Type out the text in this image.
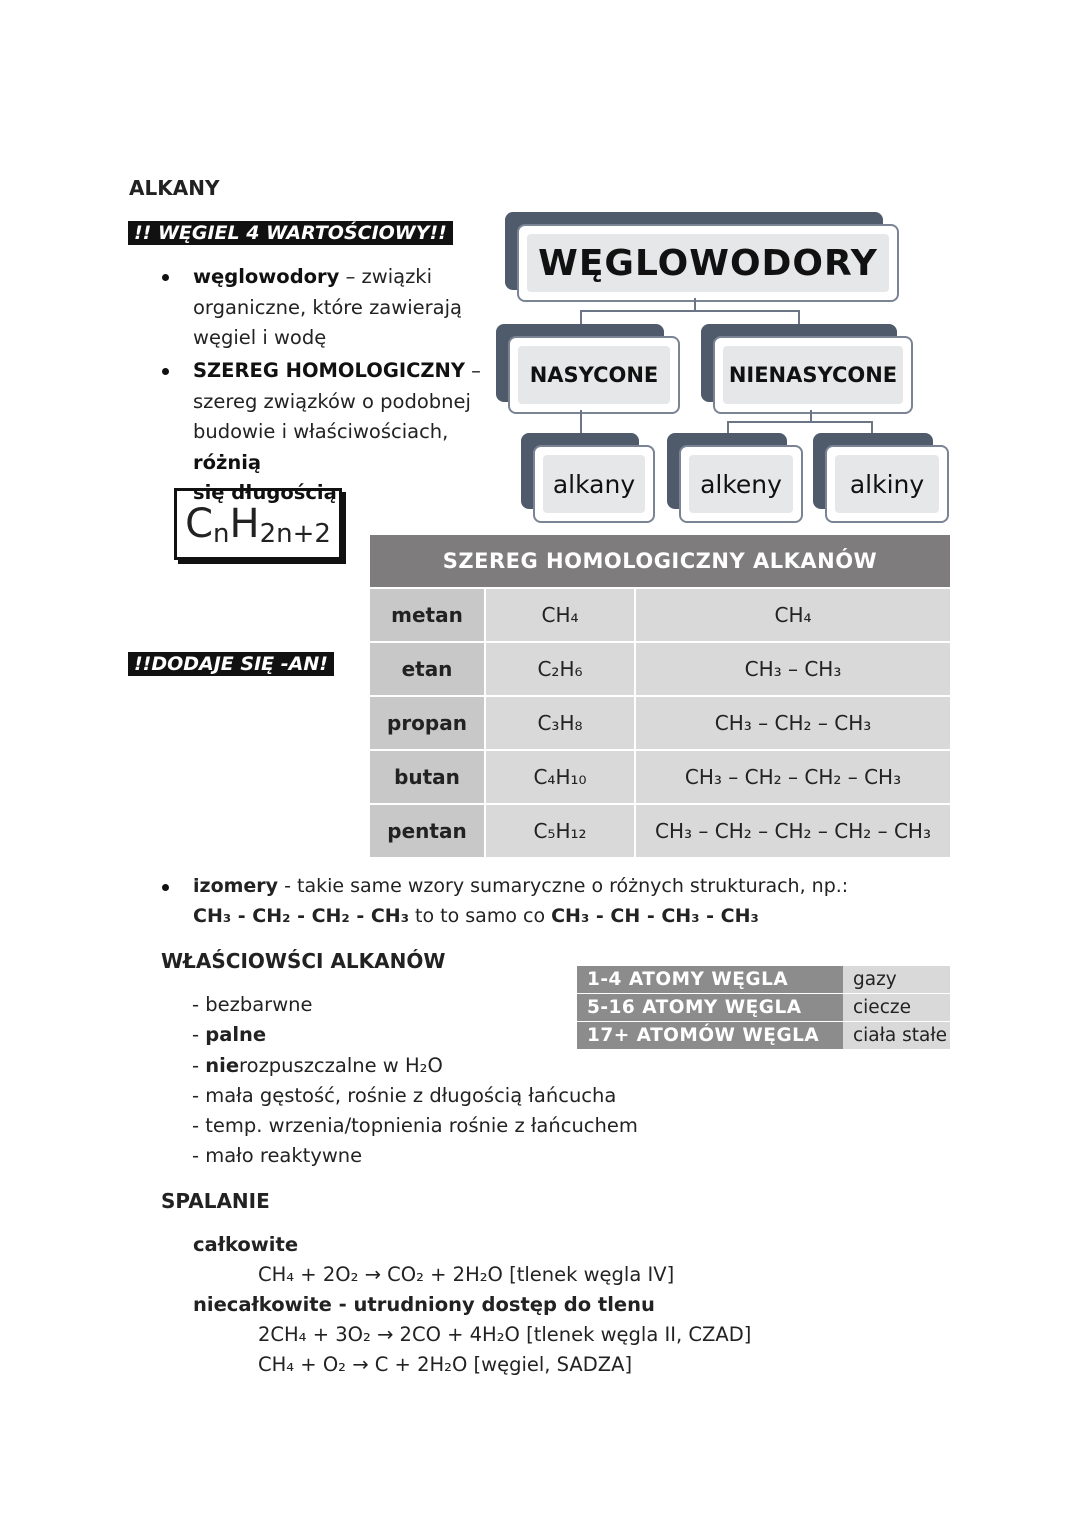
ALKANY
!! WĘGIEL 4 WARTOŚCIOWY!!
węglowodory – związki
organiczne, które zawierają
węgiel i wodę
SZEREG HOMOLOGICZNY –
szereg związków o podobnej
budowie i właściwościach, różnią
się długością
C n H 2n+2
WĘGLOWODORY
NASYCONE	NIENASYCONE
alkany	alkeny	alkiny
!!DODAJE SIĘ -AN!
SZEREG HOMOLOGICZNY ALKANÓW
metan	CH₄	CH₄
etan	C₂H₆	CH₃ – CH₃
propan	C₃H₈	CH₃ – CH₂ – CH₃
butan	C₄H₁₀	CH₃ – CH₂ – CH₂ – CH₃
pentan	C₅H₁₂	CH₃ – CH₂ – CH₂ – CH₂ – CH₃
izomery - takie same wzory sumaryczne o różnych strukturach, np.:
CH₃ - CH₂ - CH₂ - CH₃ to to samo co CH₃ - CH - CH₃ - CH₃
WŁAŚCIOWŚCI ALKANÓW
- bezbarwne
- palne
- nierozpuszczalne w H₂O
- mała gęstość, rośnie z długością łańcucha
- temp. wrzenia/topnienia rośnie z łańcuchem
- mało reaktywne
1-4 ATOMY WĘGLA	gazy
5-16 ATOMY WĘGLA	ciecze
17+ ATOMÓW WĘGLA	ciała stałe
SPALANIE
całkowite
CH₄ + 2O₂ → CO₂ + 2H₂O [tlenek węgla IV]
niecałkowite - utrudniony dostęp do tlenu
2CH₄ + 3O₂ → 2CO + 4H₂O [tlenek węgla II, CZAD]
CH₄ + O₂ → C + 2H₂O [węgiel, SADZA]
